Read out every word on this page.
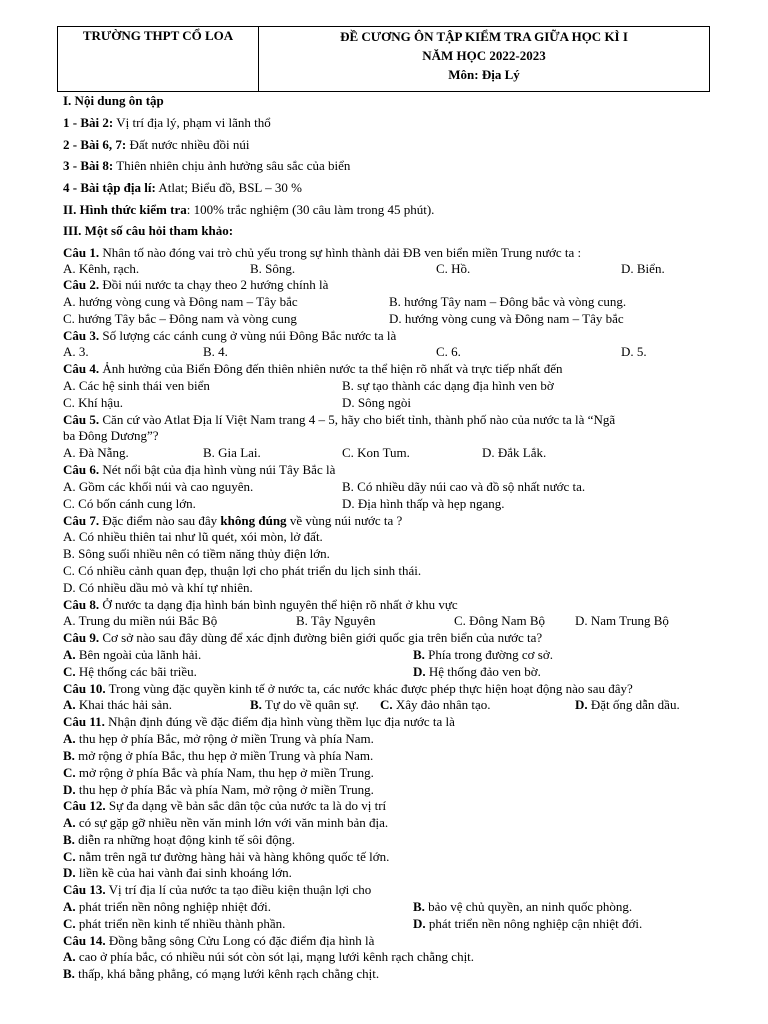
TRƯỜNG THPT CỔ LOA	ĐỀ CƯƠNG ÔN TẬP KIỂM TRA GIỮA HỌC KÌ I
NĂM HỌC 2022-2023
Môn: Địa Lý
I. Nội dung ôn tập
1 - Bài 2: Vị trí địa lý, phạm vi lãnh thổ
2 - Bài 6, 7: Đất nước nhiều đồi núi
3 - Bài 8: Thiên nhiên chịu ảnh hưởng sâu sắc của biển
4 - Bài tập địa lí: Atlat; Biểu đồ, BSL – 30 %
II. Hình thức kiểm tra: 100% trắc nghiệm (30 câu làm trong 45 phút).
III. Một số câu hỏi tham khảo:
Câu 1. Nhân tố nào đóng vai trò chủ yếu trong sự hình thành dải ĐB ven biển miền Trung nước ta :
A. Kênh, rạch.	B. Sông.	C. Hồ.	D. Biển.
Câu 2. Đồi núi nước ta chạy theo 2 hướng chính là
A. hướng vòng cung và Đông nam – Tây bắc	B. hướng Tây nam – Đông bắc và vòng cung.
C. hướng Tây bắc – Đông nam và vòng cung	D. hướng vòng cung và Đông nam – Tây bắc
Câu 3. Số lượng các cánh cung ở vùng núi Đông Bắc nước ta là
A. 3.	B. 4.	C. 6.	D. 5.
Câu 4. Ảnh hưởng của Biển Đông đến thiên nhiên nước ta thể hiện rõ nhất và trực tiếp nhất đến
A. Các hệ sinh thái ven biển	B. sự tạo thành các dạng địa hình ven bờ
C. Khí hậu.	D. Sông ngòi
Câu 5. Căn cứ vào Atlat Địa lí Việt Nam trang 4 – 5, hãy cho biết tỉnh, thành phố nào của nước ta là “Ngã
ba Đông Dương”?
A. Đà Nẵng.	B. Gia Lai.	C. Kon Tum.	D. Đắk Lắk.
Câu 6. Nét nổi bật của địa hình vùng núi Tây Bắc là
A. Gồm các khối núi và cao nguyên.	B. Có nhiều dãy núi cao và đồ sộ nhất nước ta.
C. Có bốn cánh cung lớn.	D. Địa hình thấp và hẹp ngang.
Câu 7. Đặc điểm nào sau đây không đúng về vùng núi nước ta ?
A. Có nhiều thiên tai như lũ quét, xói mòn, lở đất.
B. Sông suối nhiều nên có tiềm năng thủy điện lớn.
C. Có nhiều cảnh quan đẹp, thuận lợi cho phát triển du lịch sinh thái.
D. Có nhiều dầu mỏ và khí tự nhiên.
Câu 8. Ở nước ta dạng địa hình bán bình nguyên thể hiện rõ nhất ở khu vực
A. Trung du miền núi Bắc Bộ	B. Tây Nguyên	C. Đông Nam Bộ D. Nam Trung Bộ
Câu 9. Cơ sở nào sau đây dùng để xác định đường biên giới quốc gia trên biển của nước ta?
A. Bên ngoài của lãnh hải.	B. Phía trong đường cơ sở.
C. Hệ thống các bãi triều.	D. Hệ thống đảo ven bờ.
Câu 10. Trong vùng đặc quyền kinh tế ở nước ta, các nước khác được phép thực hiện hoạt động nào sau đây?
A. Khai thác hải sản.	B. Tự do về quân sự. C. Xây đảo nhân tạo.	D. Đặt ống dẫn dầu.
Câu 11. Nhận định đúng về đặc điểm địa hình vùng thềm lục địa nước ta là
A. thu hẹp ở phía Bắc, mở rộng ở miền Trung và phía Nam.
B. mở rộng ở phía Bắc, thu hẹp ở miền Trung và phía Nam.
C. mở rộng ở phía Bắc và phía Nam, thu hẹp ở miền Trung.
D. thu hẹp ở phía Bắc và phía Nam, mở rộng ở miền Trung.
Câu 12. Sự đa dạng về bản sắc dân tộc của nước ta là do vị trí
A. có sự gặp gỡ nhiều nền văn minh lớn với văn minh bản địa.
B. diễn ra những hoạt động kinh tế sôi động.
C. nằm trên ngã tư đường hàng hải và hàng không quốc tế lớn.
D. liền kề của hai vành đai sinh khoáng lớn.
Câu 13. Vị trí địa lí của nước ta tạo điều kiện thuận lợi cho
A. phát triển nền nông nghiệp nhiệt đới.	B. bảo vệ chủ quyền, an ninh quốc phòng.
C. phát triển nền kinh tế nhiều thành phần.	D. phát triển nền nông nghiệp cận nhiệt đới.
Câu 14. Đồng bằng sông Cửu Long có đặc điểm địa hình là
A. cao ở phía bắc, có nhiều núi sót còn sót lại, mạng lưới kênh rạch chằng chịt.
B. thấp, khá bằng phẳng, có mạng lưới kênh rạch chằng chịt.
